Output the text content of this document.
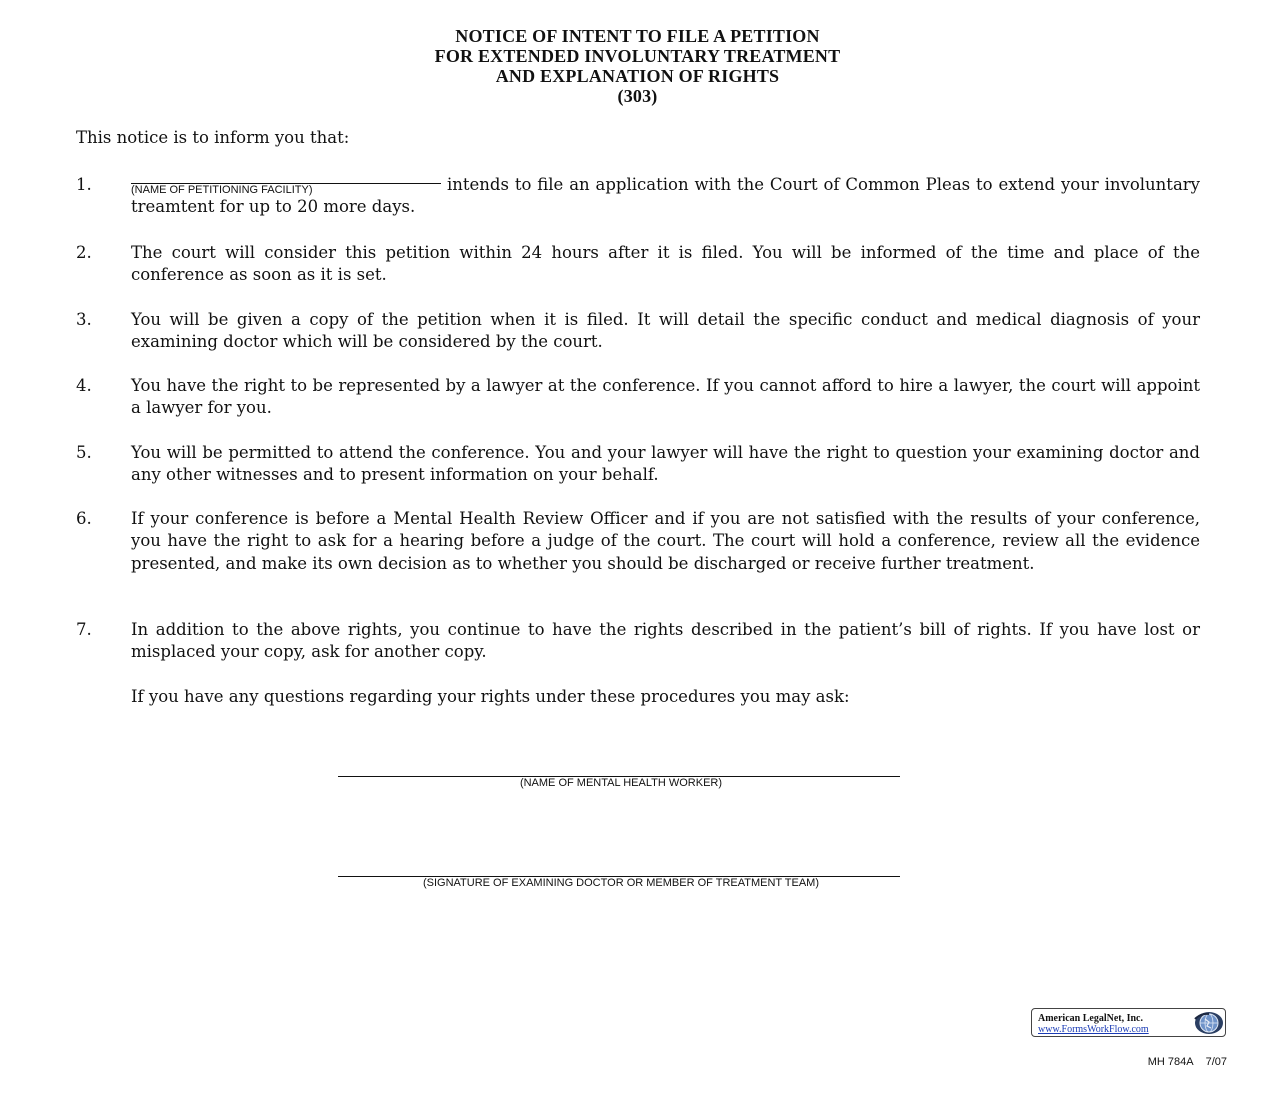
NOTICE OF INTENT TO FILE A PETITION
FOR EXTENDED INVOLUNTARY TREATMENT
AND EXPLANATION OF RIGHTS
(303)
This notice is to inform you that:
1.	(NAME OF PETITIONING FACILITY)	intends to file an application with the Court of Common Pleas to extend your involuntary treamtent for up to 20 more days.
2. The court will consider this petition within 24 hours after it is filed. You will be informed of the time and place of the conference as soon as it is set.
3. You will be given a copy of the petition when it is filed. It will detail the specific conduct and medical diagnosis of your examining doctor which will be considered by the court.
4. You have the right to be represented by a lawyer at the conference. If you cannot afford to hire a lawyer, the court will appoint a lawyer for you.
5. You will be permitted to attend the conference. You and your lawyer will have the right to question your examining doctor and any other witnesses and to present information on your behalf.
6. If your conference is before a Mental Health Review Officer and if you are not satisfied with the results of your conference, you have the right to ask for a hearing before a judge of the court. The court will hold a conference, review all the evidence presented, and make its own decision as to whether you should be discharged or receive further treatment.
7. In addition to the above rights, you continue to have the rights described in the patient’s bill of rights. If you have lost or misplaced your copy, ask for another copy.
If you have any questions regarding your rights under these procedures you may ask:
(NAME OF MENTAL HEALTH WORKER)
(SIGNATURE OF EXAMINING DOCTOR OR MEMBER OF TREATMENT TEAM)
American LegalNet, Inc.
www.FormsWorkFlow.com
MH 784A 7/07
